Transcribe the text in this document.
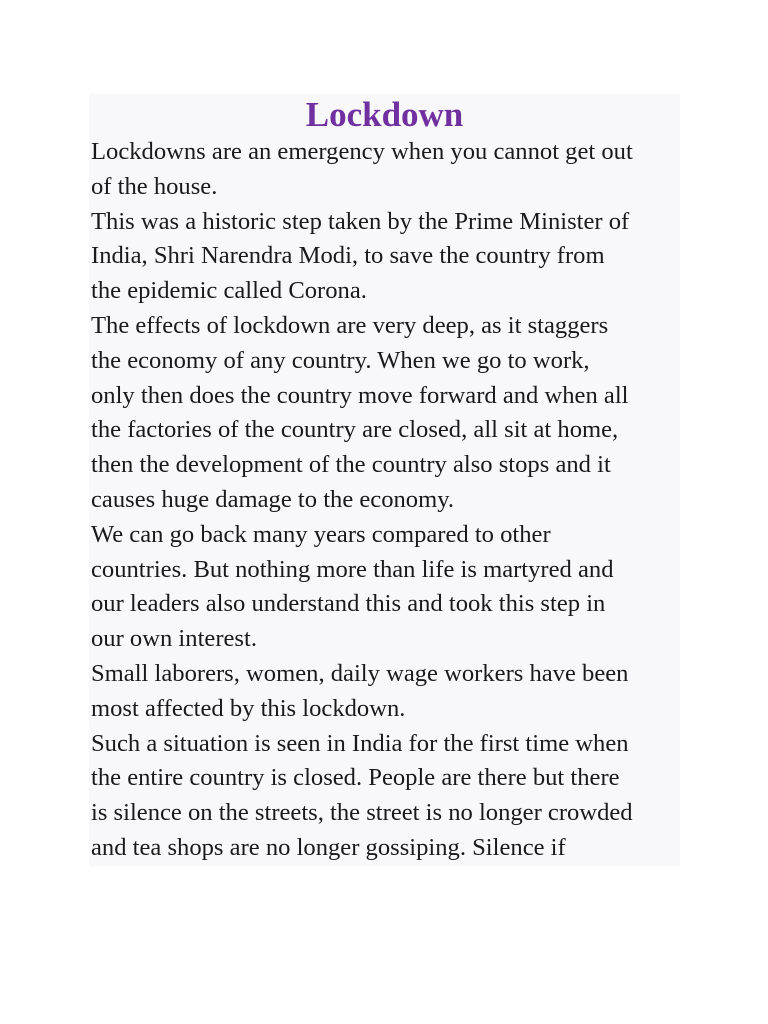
Lockdown

Lockdowns are an emergency when you cannot get out
of the house.

This was a historic step taken by the Prime Minister of
India, Shri Narendra Modi, to save the country from
the epidemic called Corona.

The effects of lockdown are very deep, as it staggers
the economy of any country. When we go to work,
only then does the country move forward and when all
the factories of the country are closed, all sit at home,
then the development of the country also stops and it
causes huge damage to the economy.

We can go back many years compared to other
countries. But nothing more than life is martyred and
our leaders also understand this and took this step in
our own interest.

Small laborers, women, daily wage workers have been
most affected by this lockdown.

Such a situation is seen in India for the first time when
the entire country is closed. People are there but there
is silence on the streets, the street is no longer crowded
and tea shops are no longer gossiping. Silence if
